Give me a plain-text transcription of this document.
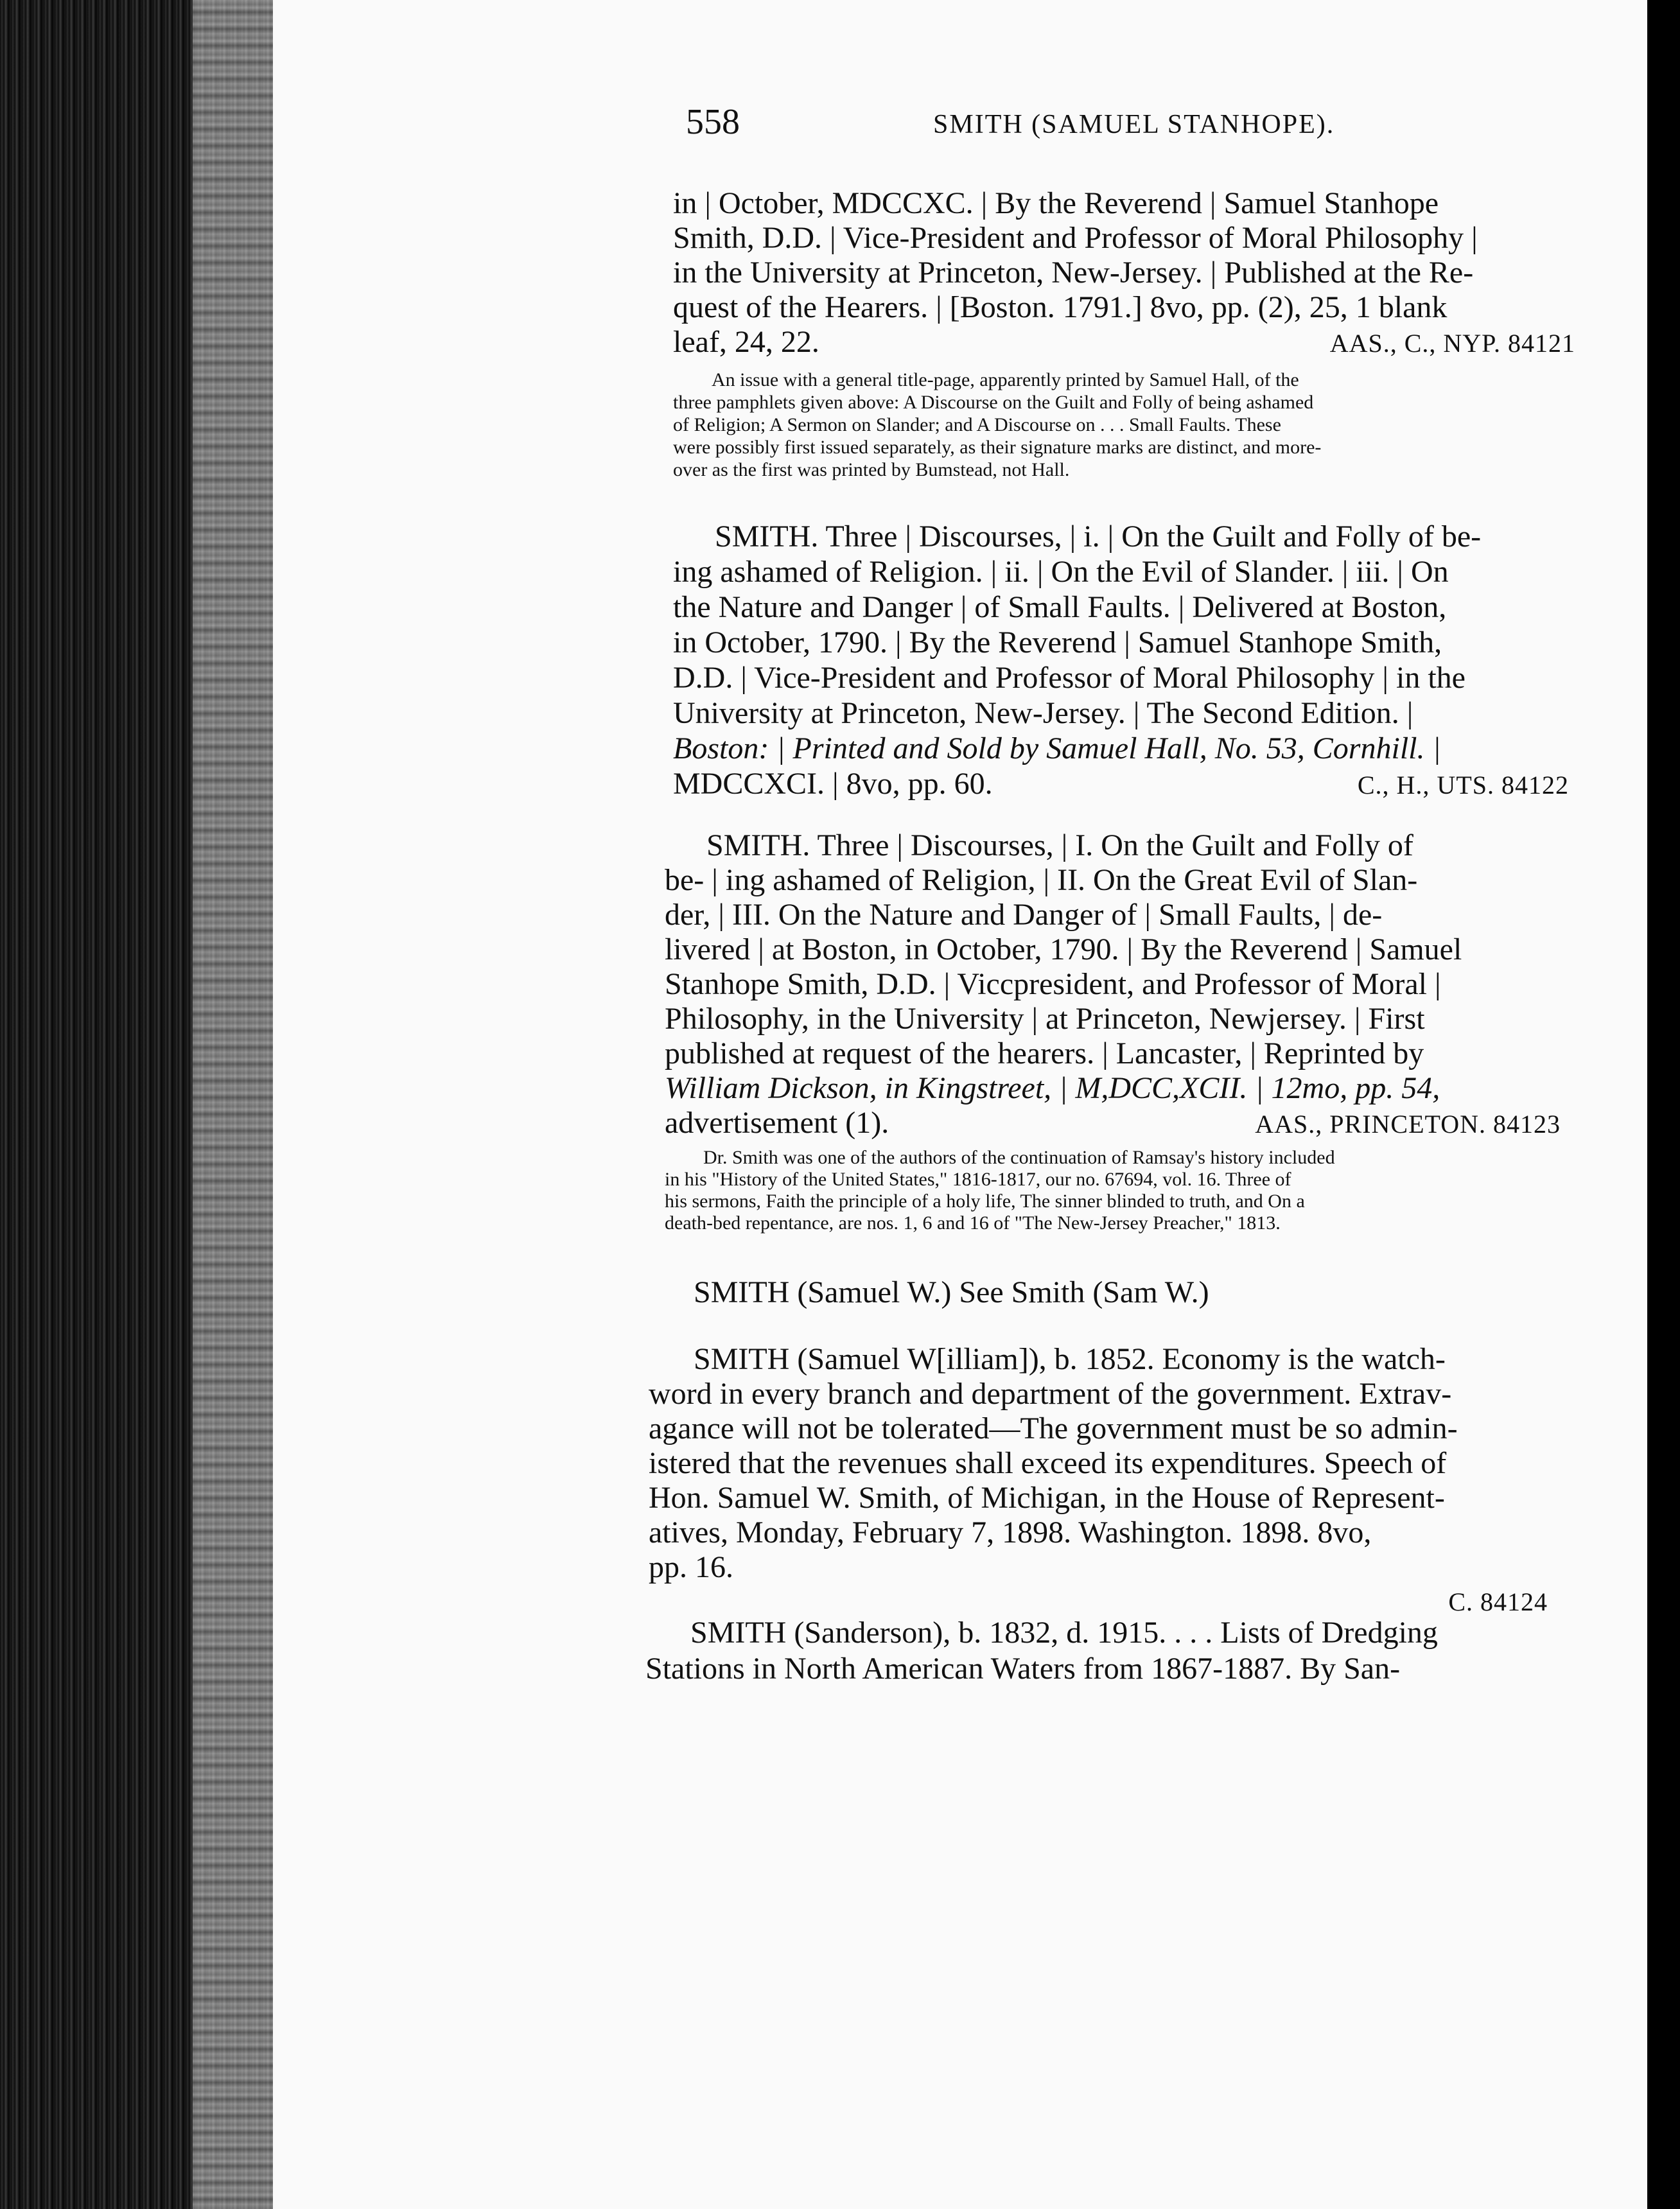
558	SMITH (SAMUEL STANHOPE).
in | October, MDCCXC. | By the Reverend | Samuel Stanhope
Smith, D.D. | Vice-President and Professor of Moral Philosophy |
in the University at Princeton, New-Jersey. | Published at the Re-
quest of the Hearers. | [Boston. 1791.] 8vo, pp. (2), 25, 1 blank
leaf, 24, 22.	AAS., C., NYP. 84121
An issue with a general title-page, apparently printed by Samuel Hall, of the
three pamphlets given above: A Discourse on the Guilt and Folly of being ashamed
of Religion; A Sermon on Slander; and A Discourse on . . . Small Faults. These
were possibly first issued separately, as their signature marks are distinct, and more-
over as the first was printed by Bumstead, not Hall.
SMITH. Three | Discourses, | i. | On the Guilt and Folly of be-
ing ashamed of Religion. | ii. | On the Evil of Slander. | iii. | On
the Nature and Danger | of Small Faults. | Delivered at Boston,
in October, 1790. | By the Reverend | Samuel Stanhope Smith,
D.D. | Vice-President and Professor of Moral Philosophy | in the
University at Princeton, New-Jersey. | The Second Edition. |
Boston: | Printed and Sold by Samuel Hall, No. 53, Cornhill. |
MDCCXCI. | 8vo, pp. 60.	C., H., UTS. 84122
SMITH. Three | Discourses, | I. On the Guilt and Folly of
be- | ing ashamed of Religion, | II. On the Great Evil of Slan-
der, | III. On the Nature and Danger of | Small Faults, | de-
livered | at Boston, in October, 1790. | By the Reverend | Samuel
Stanhope Smith, D.D. | Viccpresident, and Professor of Moral |
Philosophy, in the University | at Princeton, Newjersey. | First
published at request of the hearers. | Lancaster, | Reprinted by
William Dickson, in Kingstreet, | M,DCC,XCII. | 12mo, pp. 54,
advertisement (1).	AAS., PRINCETON. 84123
Dr. Smith was one of the authors of the continuation of Ramsay's history included
in his "History of the United States," 1816-1817, our no. 67694, vol. 16. Three of
his sermons, Faith the principle of a holy life, The sinner blinded to truth, and On a
death-bed repentance, are nos. 1, 6 and 16 of "The New-Jersey Preacher," 1813.
SMITH (Samuel W.) See Smith (Sam W.)
SMITH (Samuel W[illiam]), b. 1852. Economy is the watch-
word in every branch and department of the government. Extrav-
agance will not be tolerated—The government must be so admin-
istered that the revenues shall exceed its expenditures. Speech of
Hon. Samuel W. Smith, of Michigan, in the House of Represent-
atives, Monday, February 7, 1898. Washington. 1898. 8vo,
pp. 16.
C. 84124
SMITH (Sanderson), b. 1832, d. 1915. . . . Lists of Dredging
Stations in North American Waters from 1867-1887. By San-
